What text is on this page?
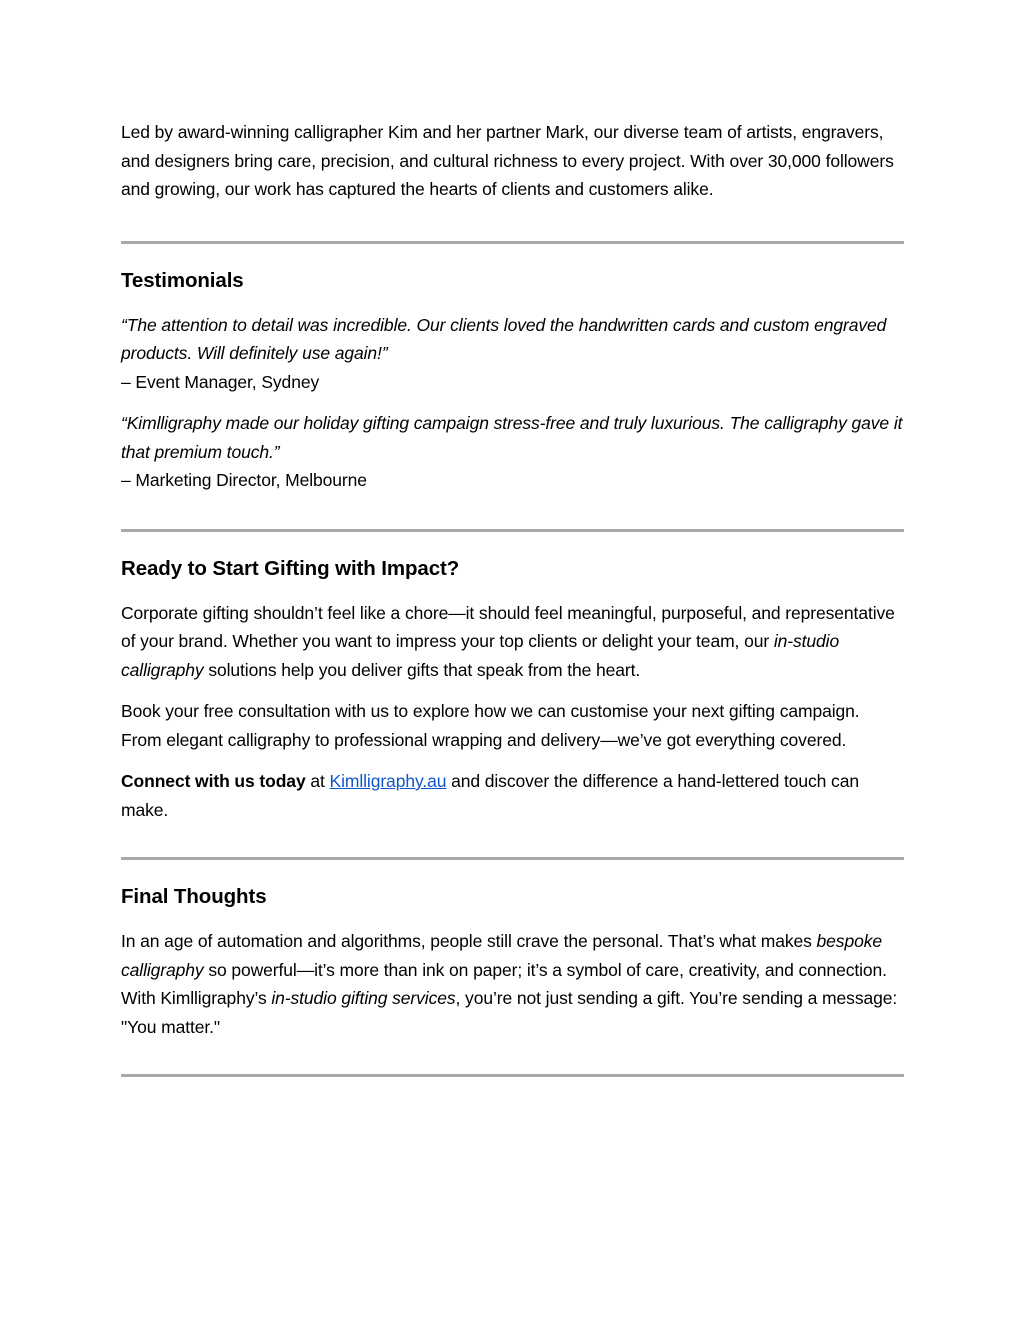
Led by award-winning calligrapher Kim and her partner Mark, our diverse team of artists, engravers, and designers bring care, precision, and cultural richness to every project. With over 30,000 followers and growing, our work has captured the hearts of clients and customers alike.

Testimonials

“The attention to detail was incredible. Our clients loved the handwritten cards and custom engraved products. Will definitely use again!”

– Event Manager, Sydney

“Kimlligraphy made our holiday gifting campaign stress-free and truly luxurious. The calligraphy gave it that premium touch.”

– Marketing Director, Melbourne

Ready to Start Gifting with Impact?

Corporate gifting shouldn’t feel like a chore—it should feel meaningful, purposeful, and representative of your brand. Whether you want to impress your top clients or delight your team, our in-studio calligraphy solutions help you deliver gifts that speak from the heart.

Book your free consultation with us to explore how we can customise your next gifting campaign. From elegant calligraphy to professional wrapping and delivery—we’ve got everything covered.

Connect with us today at Kimlligraphy.au and discover the difference a hand-lettered touch can make.

Final Thoughts

In an age of automation and algorithms, people still crave the personal. That’s what makes bespoke calligraphy so powerful—it’s more than ink on paper; it’s a symbol of care, creativity, and connection. With Kimlligraphy’s in-studio gifting services, you’re not just sending a gift. You’re sending a message: "You matter."
